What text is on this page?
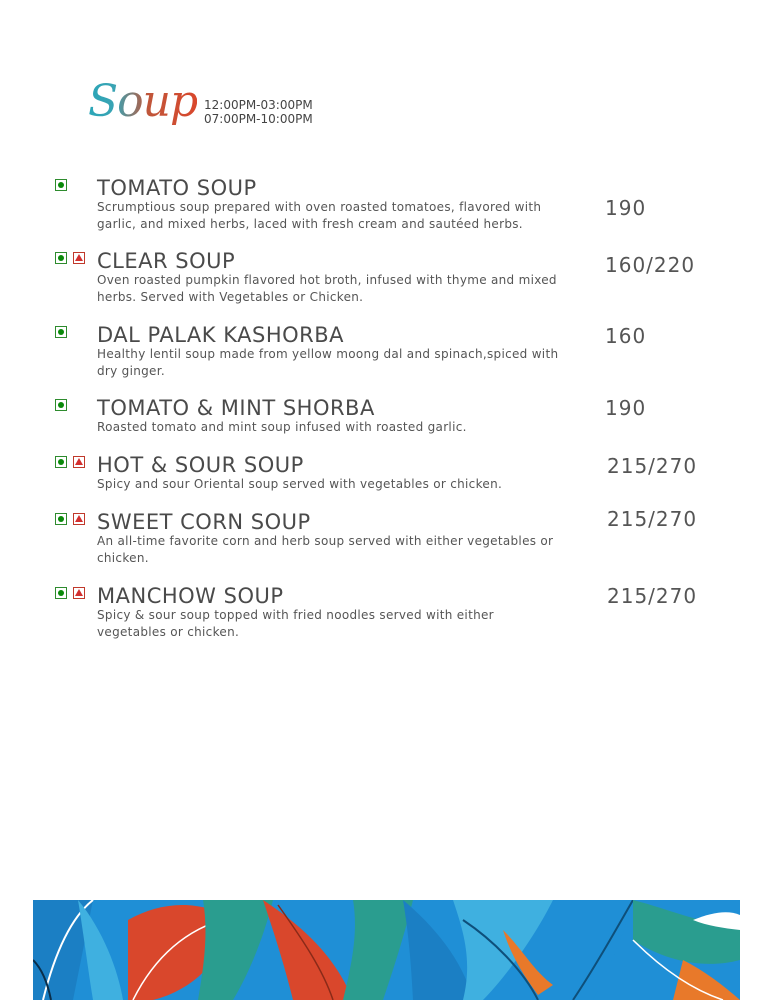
Soup 12:00PM-03:00PM
07:00PM-10:00PM
TOMATO SOUP
Scrumptious soup prepared with oven roasted tomatoes, flavored with garlic, and mixed herbs, laced with fresh cream and sautéed herbs.
190
CLEAR SOUP
Oven roasted pumpkin flavored hot broth, infused with thyme and mixed herbs. Served with Vegetables or Chicken.
160/220
DAL PALAK KASHORBA
Healthy lentil soup made from yellow moong dal and spinach,spiced with dry ginger.
160
TOMATO & MINT SHORBA
Roasted tomato and mint soup infused with roasted garlic.
190
HOT & SOUR SOUP
Spicy and sour Oriental soup served with vegetables or chicken.
215/270
SWEET CORN SOUP
An all-time favorite corn and herb soup served with either vegetables or chicken.
215/270
MANCHOW SOUP
Spicy & sour soup topped with fried noodles served with either vegetables or chicken.
215/270
